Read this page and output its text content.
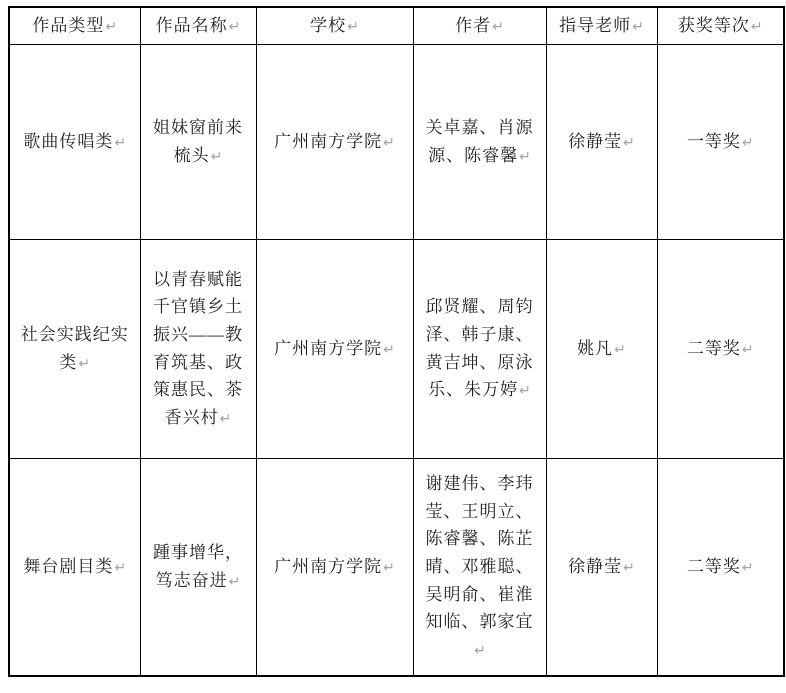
作品类型↵	作品名称↵	学校↵	作者↵	指导老师↵	获奖等次↵
歌曲传唱类↵	姐妹窗前来梳头↵	广州南方学院↵	关卓嘉、肖源源、陈睿馨↵	徐静莹↵	一等奖↵
社会实践纪实类↵	以青春赋能千官镇乡土振兴——教育筑基、政策惠民、茶香兴村↵	广州南方学院↵	邱贤耀、周钧泽、韩子康、黄吉坤、原泳乐、朱万婷↵	姚凡↵	二等奖↵
舞台剧目类↵	踵事增华，笃志奋进↵	广州南方学院↵	谢建伟、李玮莹、王明立、陈睿馨、陈芷晴、邓雅聪、吴明俞、崔淮知临、郭家宜↵	徐静莹↵	二等奖↵
